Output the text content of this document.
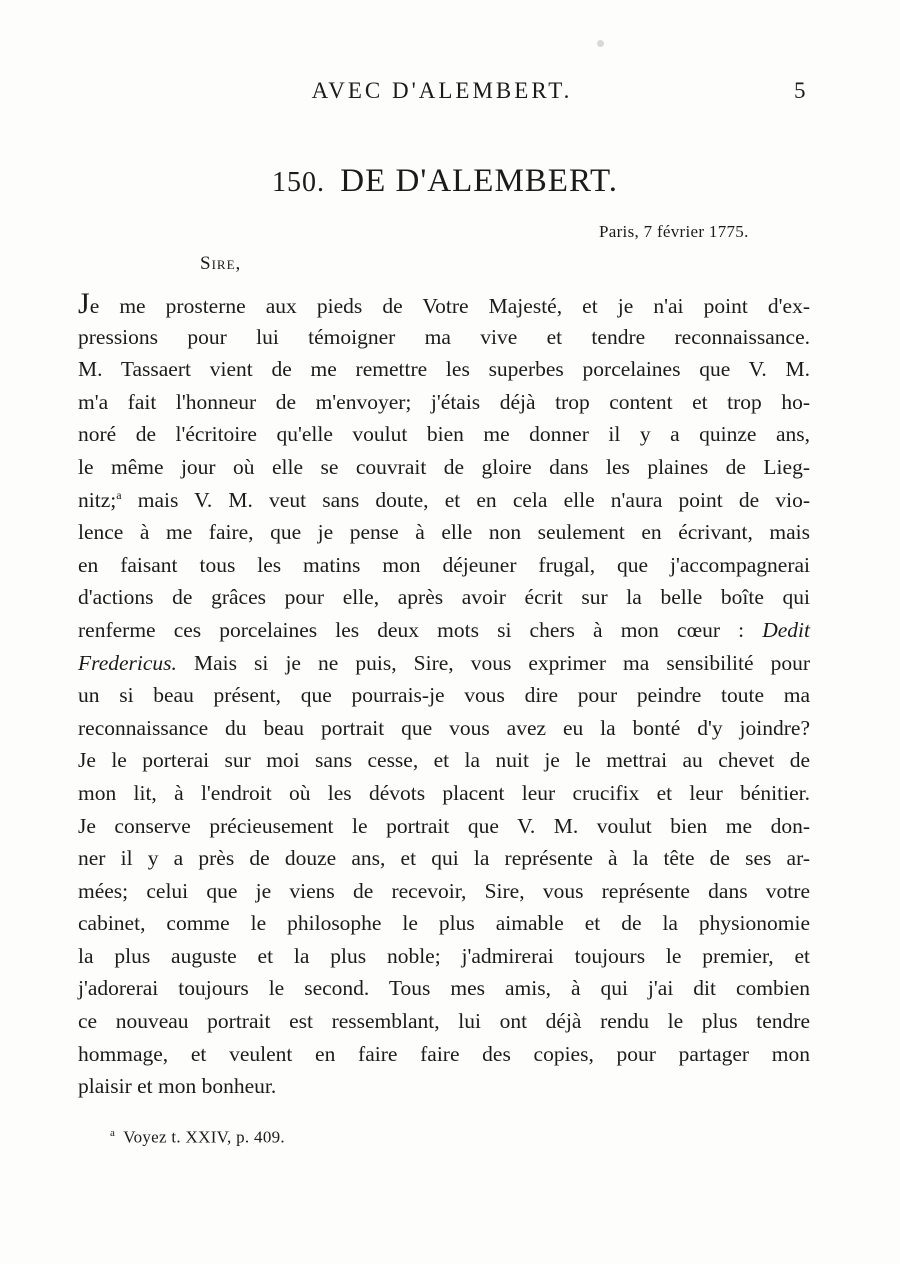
AVEC D'ALEMBERT.	5
150. DE D'ALEMBERT.
Paris, 7 février 1775.
Sire,
Je me prosterne aux pieds de Votre Majesté, et je n'ai point d'ex-
pressions pour lui témoigner ma vive et tendre reconnaissance.
M. Tassaert vient de me remettre les superbes porcelaines que V. M.
m'a fait l'honneur de m'envoyer; j'étais déjà trop content et trop ho-
noré de l'écritoire qu'elle voulut bien me donner il y a quinze ans,
le même jour où elle se couvrait de gloire dans les plaines de Lieg-
nitz;$^a$ mais V. M. veut sans doute, et en cela elle n'aura point de vio-
lence à me faire, que je pense à elle non seulement en écrivant, mais
en faisant tous les matins mon déjeuner frugal, que j'accompagnerai
d'actions de grâces pour elle, après avoir écrit sur la belle boîte qui
renferme ces porcelaines les deux mots si chers à mon cœur : Dedit
Fredericus. Mais si je ne puis, Sire, vous exprimer ma sensibilité pour
un si beau présent, que pourrais-je vous dire pour peindre toute ma
reconnaissance du beau portrait que vous avez eu la bonté d'y joindre?
Je le porterai sur moi sans cesse, et la nuit je le mettrai au chevet de
mon lit, à l'endroit où les dévots placent leur crucifix et leur bénitier.
Je conserve précieusement le portrait que V. M. voulut bien me don-
ner il y a près de douze ans, et qui la représente à la tête de ses ar-
mées; celui que je viens de recevoir, Sire, vous représente dans votre
cabinet, comme le philosophe le plus aimable et de la physionomie
la plus auguste et la plus noble; j'admirerai toujours le premier, et
j'adorerai toujours le second. Tous mes amis, à qui j'ai dit combien
ce nouveau portrait est ressemblant, lui ont déjà rendu le plus tendre
hommage, et veulent en faire faire des copies, pour partager mon
plaisir et mon bonheur.
$^a$ Voyez t. XXIV, p. 409.
